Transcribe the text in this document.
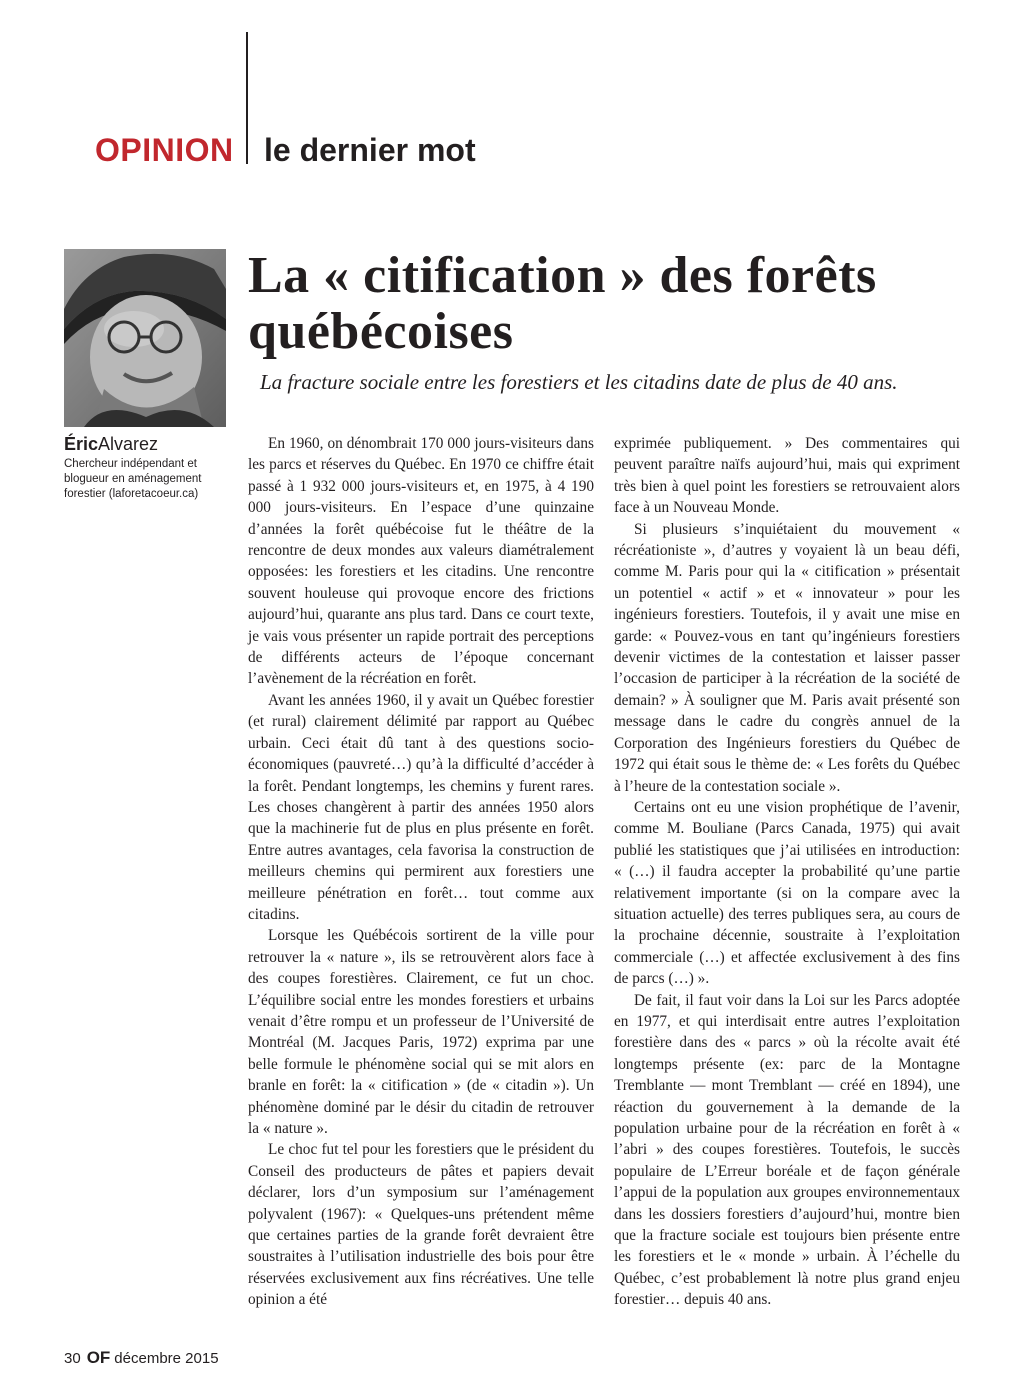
OPINION le dernier mot
La « citification » des forêts québécoises
La fracture sociale entre les forestiers et les citadins date de plus de 40 ans.
ÉricAlvarez
Chercheur indépendant et blogueur en aménagement forestier (laforetacoeur.ca)

En 1960, on dénombrait 170 000 jours-visiteurs dans les parcs et réserves du Québec. En 1970 ce chiffre était passé à 1 932 000 jours-visiteurs et, en 1975, à 4 190 000 jours-visiteurs. En l’espace d’une quinzaine d’années la forêt québécoise fut le théâtre de la rencontre de deux mondes aux valeurs diamétralement opposées: les forestiers et les citadins. Une rencontre souvent houleuse qui provoque encore des frictions aujourd’hui, quarante ans plus tard. Dans ce court texte, je vais vous présenter un rapide portrait des perceptions de différents acteurs de l’époque concernant l’avènement de la récréation en forêt.

Avant les années 1960, il y avait un Québec forestier (et rural) clairement délimité par rapport au Québec urbain. Ceci était dû tant à des questions socio-économiques (pauvreté…) qu’à la difficulté d’accéder à la forêt. Pendant longtemps, les chemins y furent rares. Les choses changèrent à partir des années 1950 alors que la machinerie fut de plus en plus présente en forêt. Entre autres avantages, cela favorisa la construction de meilleurs chemins qui permirent aux forestiers une meilleure pénétration en forêt… tout comme aux citadins.

Lorsque les Québécois sortirent de la ville pour retrouver la « nature », ils se retrouvèrent alors face à des coupes forestières. Clairement, ce fut un choc. L’équilibre social entre les mondes forestiers et urbains venait d’être rompu et un professeur de l’Université de Montréal (M. Jacques Paris, 1972) exprima par une belle formule le phénomène social qui se mit alors en branle en forêt: la « citification » (de « citadin »). Un phénomène dominé par le désir du citadin de retrouver la « nature ».

Le choc fut tel pour les forestiers que le président du Conseil des producteurs de pâtes et papiers devait déclarer, lors d’un symposium sur l’aménagement polyvalent (1967): « Quelques-uns prétendent même que certaines parties de la grande forêt devraient être soustraites à l’utilisation industrielle des bois pour être réservées exclusivement aux fins récréatives. Une telle opinion a été

exprimée publiquement. » Des commentaires qui peuvent paraître naïfs aujourd’hui, mais qui expriment très bien à quel point les forestiers se retrouvaient alors face à un Nouveau Monde.

Si plusieurs s’inquiétaient du mouvement « récréationiste », d’autres y voyaient là un beau défi, comme M. Paris pour qui la « citification » présentait un potentiel « actif » et « innovateur » pour les ingénieurs forestiers. Toutefois, il y avait une mise en garde: « Pouvez-vous en tant qu’ingénieurs forestiers devenir victimes de la contestation et laisser passer l’occasion de participer à la récréation de la société de demain? » À souligner que M. Paris avait présenté son message dans le cadre du congrès annuel de la Corporation des Ingénieurs forestiers du Québec de 1972 qui était sous le thème de: « Les forêts du Québec à l’heure de la contestation sociale ».

Certains ont eu une vision prophétique de l’avenir, comme M. Bouliane (Parcs Canada, 1975) qui avait publié les statistiques que j’ai utilisées en introduction: « (…) il faudra accepter la probabilité qu’une partie relativement importante (si on la compare avec la situation actuelle) des terres publiques sera, au cours de la prochaine décennie, soustraite à l’exploitation commerciale (…) et affectée exclusivement à des fins de parcs (…) ».

De fait, il faut voir dans la Loi sur les Parcs adoptée en 1977, et qui interdisait entre autres l’exploitation forestière dans des « parcs » où la récolte avait été longtemps présente (ex: parc de la Montagne Tremblante — mont Tremblant — créé en 1894), une réaction du gouvernement à la demande de la population urbaine pour de la récréation en forêt à « l’abri » des coupes forestières. Toutefois, le succès populaire de L’Erreur boréale et de façon générale l’appui de la population aux groupes environnementaux dans les dossiers forestiers d’aujourd’hui, montre bien que la fracture sociale est toujours bien présente entre les forestiers et le « monde » urbain. À l’échelle du Québec, c’est probablement là notre plus grand enjeu forestier… depuis 40 ans.

30 OF décembre 2015
